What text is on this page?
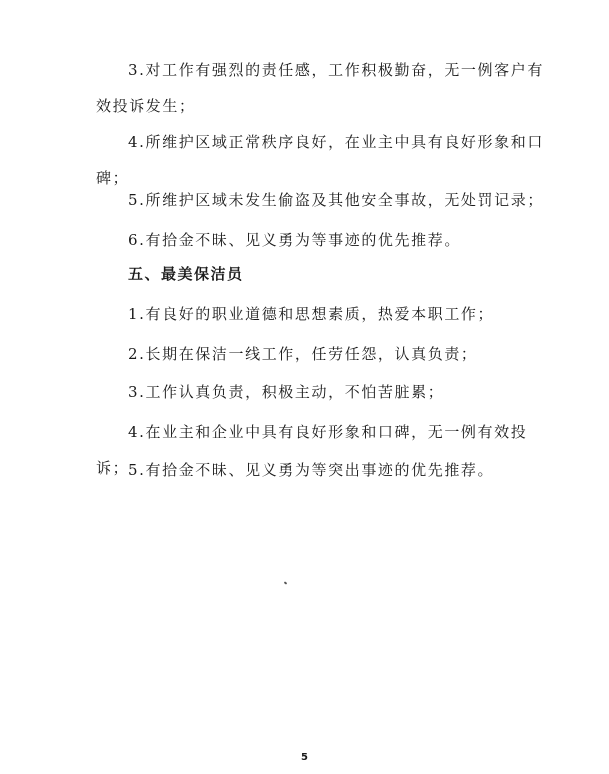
3.对工作有强烈的责任感，工作积极勤奋，无一例客户有效投诉发生；

4.所维护区域正常秩序良好，在业主中具有良好形象和口碑；

5.所维护区域未发生偷盗及其他安全事故，无处罚记录；

6.有拾金不昧、见义勇为等事迹的优先推荐。

五、最美保洁员

1.有良好的职业道德和思想素质，热爱本职工作；

2.长期在保洁一线工作，任劳任怨，认真负责；

3.工作认真负责，积极主动，不怕苦脏累；

4.在业主和企业中具有良好形象和口碑，无一例有效投诉；

5.有拾金不昧、见义勇为等突出事迹的优先推荐。

5
